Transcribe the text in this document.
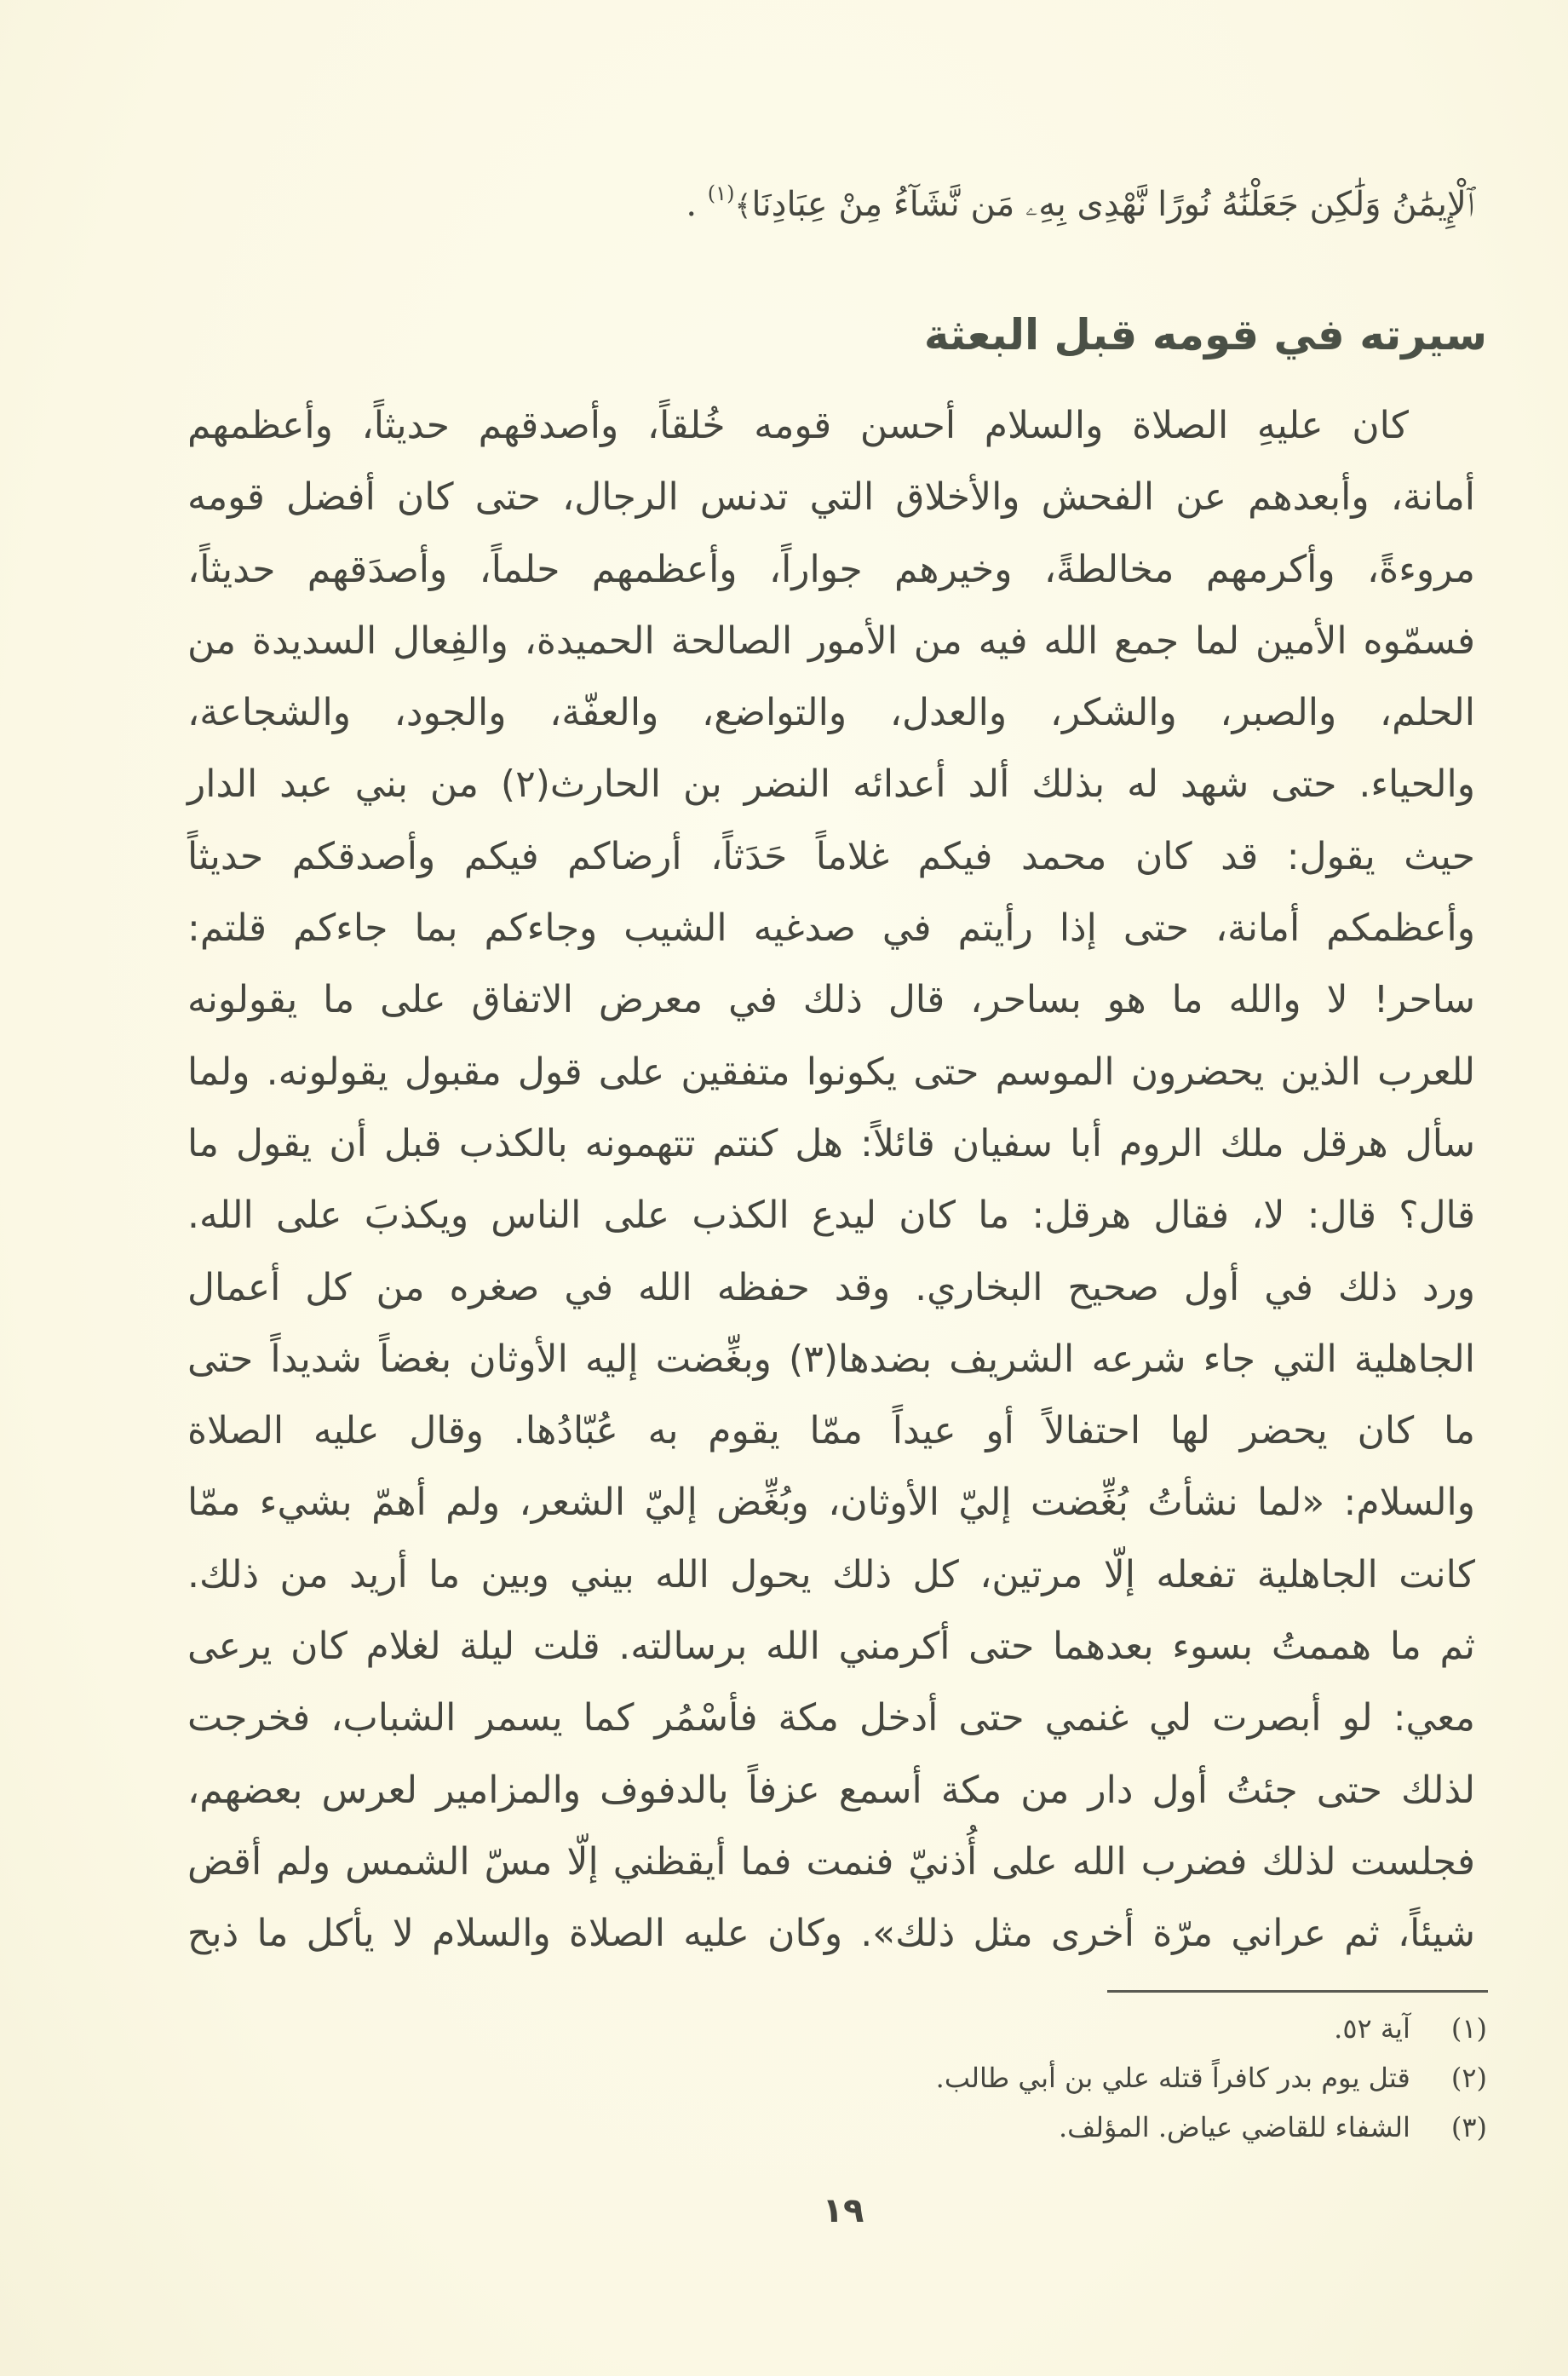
ٱلْإِيمَٰنُ وَلَٰكِن جَعَلْنَٰهُ نُورًا نَّهْدِى بِهِۦ مَن نَّشَآءُ مِنْ عِبَادِنَا﴾$^{(١)}$ .
سيرته في قومه قبل البعثة
كان عليهِ الصلاة والسلام أحسن قومه خُلقاً، وأصدقهم حديثاً، وأعظمهم
أمانة، وأبعدهم عن الفحش والأخلاق التي تدنس الرجال، حتى كان أفضل قومه
مروءةً، وأكرمهم مخالطةً، وخيرهم جواراً، وأعظمهم حلماً، وأصدَقهم حديثاً،
فسمّوه الأمين لما جمع الله فيه من الأمور الصالحة الحميدة، والفِعال السديدة من
الحلم، والصبر، والشكر، والعدل، والتواضع، والعفّة، والجود، والشجاعة،
والحياء. حتى شهد له بذلك ألد أعدائه النضر بن الحارث(٢) من بني عبد الدار
حيث يقول: قد كان محمد فيكم غلاماً حَدَثاً، أرضاكم فيكم وأصدقكم حديثاً
وأعظمكم أمانة، حتى إذا رأيتم في صدغيه الشيب وجاءكم بما جاءكم قلتم:
ساحر! لا والله ما هو بساحر، قال ذلك في معرض الاتفاق على ما يقولونه
للعرب الذين يحضرون الموسم حتى يكونوا متفقين على قول مقبول يقولونه. ولما
سأل هرقل ملك الروم أبا سفيان قائلاً: هل كنتم تتهمونه بالكذب قبل أن يقول ما
قال؟ قال: لا، فقال هرقل: ما كان ليدع الكذب على الناس ويكذبَ على الله.
ورد ذلك في أول صحيح البخاري. وقد حفظه الله في صغره من كل أعمال
الجاهلية التي جاء شرعه الشريف بضدها(٣) وبغِّضت إليه الأوثان بغضاً شديداً حتى
ما كان يحضر لها احتفالاً أو عيداً ممّا يقوم به عُبّادُها. وقال عليه الصلاة
والسلام: «لما نشأتُ بُغِّضت إليّ الأوثان، وبُغِّض إليّ الشعر، ولم أهمّ بشيء ممّا
كانت الجاهلية تفعله إلّا مرتين، كل ذلك يحول الله بيني وبين ما أريد من ذلك.
ثم ما هممتُ بسوء بعدهما حتى أكرمني الله برسالته. قلت ليلة لغلام كان يرعى
معي: لو أبصرت لي غنمي حتى أدخل مكة فأسْمُر كما يسمر الشباب، فخرجت
لذلك حتى جئتُ أول دار من مكة أسمع عزفاً بالدفوف والمزامير لعرس بعضهم،
فجلست لذلك فضرب الله على أُذنيّ فنمت فما أيقظني إلّا مسّ الشمس ولم أقض
شيئاً، ثم عراني مرّة أخرى مثل ذلك». وكان عليه الصلاة والسلام لا يأكل ما ذبح
(١) آية ٥٢.
(٢) قتل يوم بدر كافراً قتله علي بن أبي طالب.
(٣) الشفاء للقاضي عياض. المؤلف.
١٩
